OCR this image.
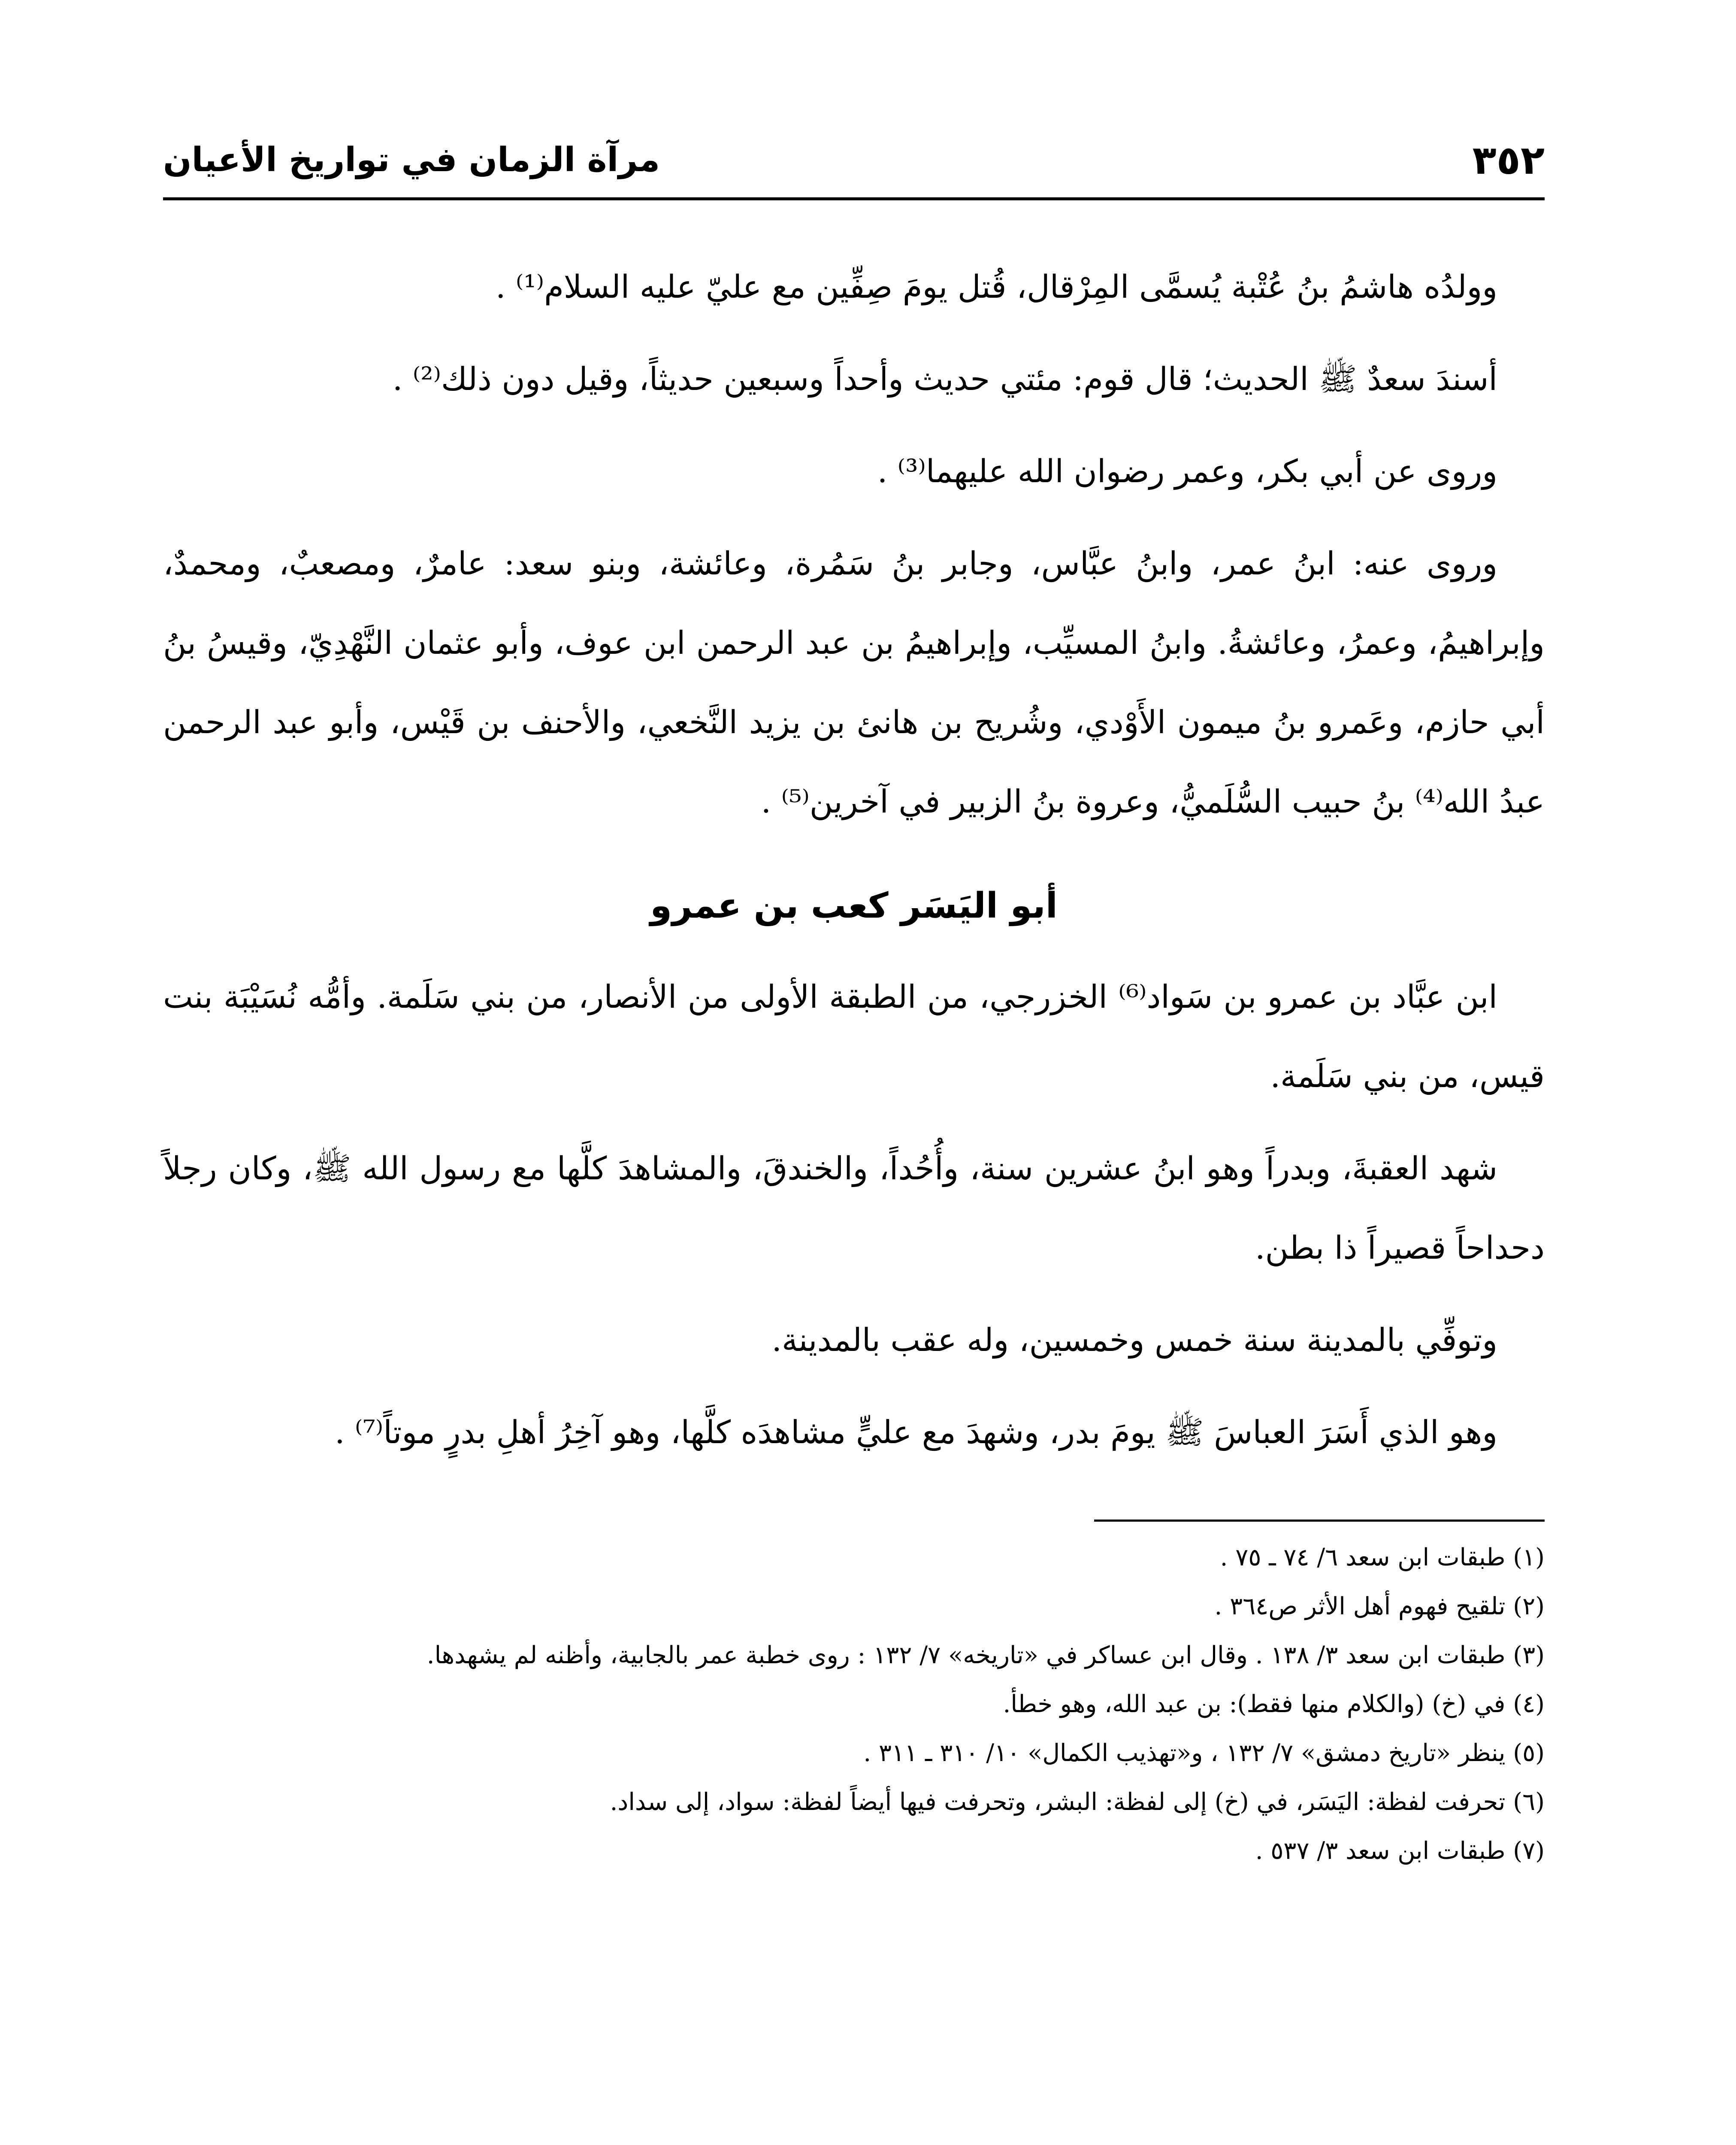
٣٥٢
مرآة الزمان في تواريخ الأعيان

وولدُه هاشمُ بنُ عُتْبة يُسمَّى المِرْقال، قُتل يومَ صِفِّين مع عليّ عليه السلام⁽¹⁾ .

أسندَ سعدٌ ﷺ الحديث؛ قال قوم: مئتي حديث وأحداً وسبعين حديثاً، وقيل دون ذلك⁽²⁾ .

وروى عن أبي بكر، وعمر رضوان الله عليهما⁽³⁾ .

وروى عنه: ابنُ عمر، وابنُ عبَّاس، وجابر بنُ سَمُرة، وعائشة، وبنو سعد: عامرٌ، ومصعبٌ، ومحمدٌ، وإبراهيمُ، وعمرُ، وعائشةُ. وابنُ المسيِّب، وإبراهيمُ بن عبد الرحمن ابن عوف، وأبو عثمان النَّهْدِيّ، وقيسُ بنُ أبي حازم، وعَمرو بنُ ميمون الأَوْدي، وشُريح بن هانئ بن يزيد النَّخعي، والأحنف بن قَيْس، وأبو عبد الرحمن عبدُ الله⁽⁴⁾ بنُ حبيب السُّلَميُّ، وعروة بنُ الزبير في آخرين⁽⁵⁾ .

أبو اليَسَر كعب بن عمرو

ابن عبَّاد بن عمرو بن سَواد⁽⁶⁾ الخزرجي، من الطبقة الأولى من الأنصار، من بني سَلَمة. وأمُّه نُسَيْبَة بنت قيس، من بني سَلَمة.

شهد العقبةَ، وبدراً وهو ابنُ عشرين سنة، وأُحُداً، والخندقَ، والمشاهدَ كلَّها مع رسول الله ﷺ، وكان رجلاً دحداحاً قصيراً ذا بطن.

وتوفِّي بالمدينة سنة خمس وخمسين، وله عقب بالمدينة.

وهو الذي أَسَرَ العباسَ ﷺ يومَ بدر، وشهدَ مع عليٍّ مشاهدَه كلَّها، وهو آخِرُ أهلِ بدرٍ موتاً⁽⁷⁾ .

(١) طبقات ابن سعد ٦/ ٧٤ ـ ٧٥ .
(٢) تلقيح فهوم أهل الأثر ص٣٦٤ .
(٣) طبقات ابن سعد ٣/ ١٣٨ . وقال ابن عساكر في «تاريخه» ٧/ ١٣٢ : روى خطبة عمر بالجابية، وأظنه لم يشهدها.
(٤) في (خ) (والكلام منها فقط): بن عبد الله، وهو خطأ.
(٥) ينظر «تاريخ دمشق» ٧/ ١٣٢ ، و«تهذيب الكمال» ١٠/ ٣١٠ ـ ٣١١ .
(٦) تحرفت لفظة: اليَسَر، في (خ) إلى لفظة: البشر، وتحرفت فيها أيضاً لفظة: سواد، إلى سداد.
(٧) طبقات ابن سعد ٣/ ٥٣٧ .
